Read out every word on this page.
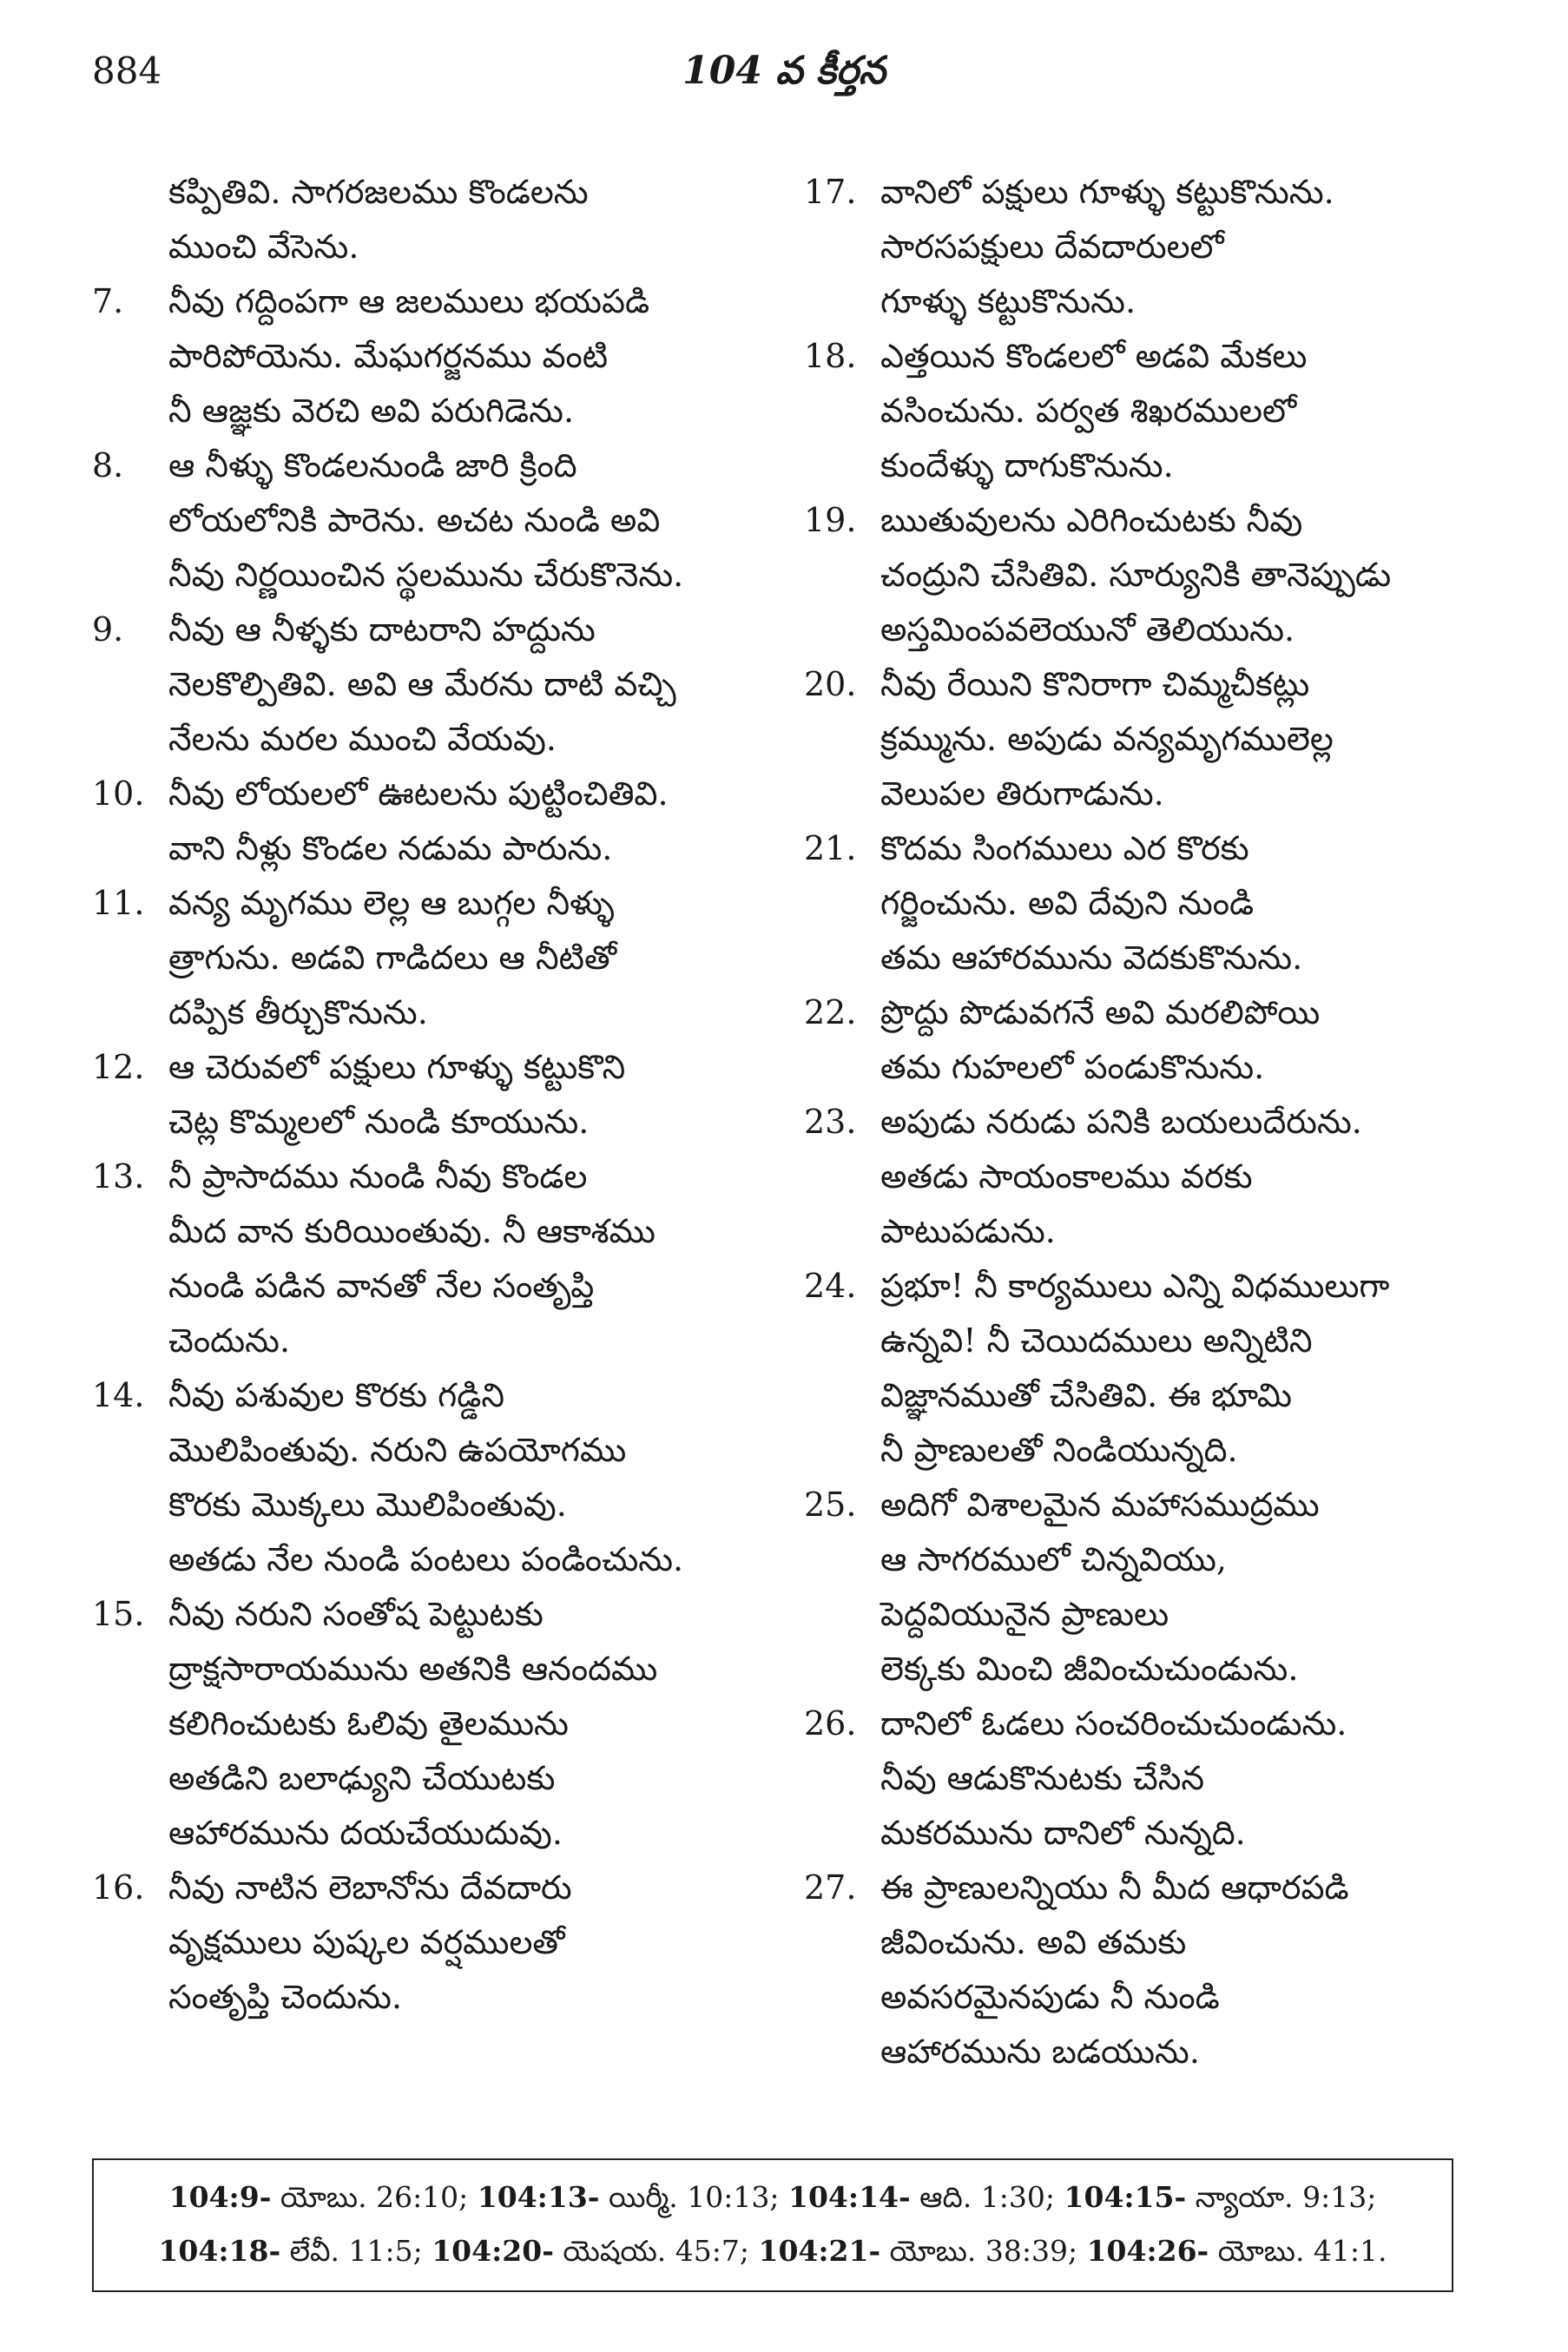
884	104 వ కీర్తన
కప్పితివి. సాగరజలము కొండలను
ముంచి వేసెను.
7.	నీవు గద్దింపగా ఆ జలములు భయపడి
పారిపోయెను. మేఘగర్జనము వంటి
నీ ఆజ్ఞకు వెరచి అవి పరుగిడెను.
8.	ఆ నీళ్ళు కొండలనుండి జారి క్రింది
లోయలోనికి పారెను. అచట నుండి అవి
నీవు నిర్ణయించిన స్థలమును చేరుకొనెను.
9.	నీవు ఆ నీళ్ళకు దాటరాని హద్దును
నెలకొల్పితివి. అవి ఆ మేరను దాటి వచ్చి
నేలను మరల ముంచి వేయవు.
10. నీవు లోయలలో ఊటలను పుట్టించితివి.
వాని నీళ్లు కొండల నడుమ పారును.
11. వన్య మృగము లెల్ల ఆ బుగ్గల నీళ్ళు
త్రాగును. అడవి గాడిదలు ఆ నీటితో
దప్పిక తీర్చుకొనును.
12. ఆ చెరువలో పక్షులు గూళ్ళు కట్టుకొని
చెట్ల కొమ్మలలో నుండి కూయును.
13. నీ ప్రాసాదము నుండి నీవు కొండల
మీద వాన కురియింతువు. నీ ఆకాశము
నుండి పడిన వానతో నేల సంతృప్తి
చెందును.
14. నీవు పశువుల కొరకు గడ్డిని
మొలిపింతువు. నరుని ఉపయోగము
కొరకు మొక్కలు మొలిపింతువు.
అతడు నేల నుండి పంటలు పండించును.
15. నీవు నరుని సంతోష పెట్టుటకు
ద్రాక్షసారాయమును అతనికి ఆనందము
కలిగించుటకు ఓలివు తైలమును
అతడిని బలాఢ్యుని చేయుటకు
ఆహారమును దయచేయుదువు.
16. నీవు నాటిన లెబానోను దేవదారు
వృక్షములు పుష్కల వర్షములతో
సంతృప్తి చెందును.
17. వానిలో పక్షులు గూళ్ళు కట్టుకొనును.
సారసపక్షులు దేవదారులలో
గూళ్ళు కట్టుకొనును.
18. ఎత్తయిన కొండలలో అడవి మేకలు
వసించును. పర్వత శిఖరములలో
కుందేళ్ళు దాగుకొనును.
19. ఋతువులను ఎరిగించుటకు నీవు
చంద్రుని చేసితివి. సూర్యునికి తానెప్పుడు
అస్తమింపవలెయునో తెలియును.
20. నీవు రేయిని కొనిరాగా చిమ్మచీకట్లు
క్రమ్మును. అపుడు వన్యమృగములెల్ల
వెలుపల తిరుగాడును.
21. కొదమ సింగములు ఎర కొరకు
గర్జించును. అవి దేవుని నుండి
తమ ఆహారమును వెదకుకొనును.
22. ప్రొద్దు పొడువగనే అవి మరలిపోయి
తమ గుహలలో పండుకొనును.
23. అపుడు నరుడు పనికి బయలుదేరును.
అతడు సాయంకాలము వరకు
పాటుపడును.
24. ప్రభూ! నీ కార్యములు ఎన్ని విధములుగా
ఉన్నవి! నీ చెయిదములు అన్నిటిని
విజ్ఞానముతో చేసితివి. ఈ భూమి
నీ ప్రాణులతో నిండియున్నది.
25. అదిగో విశాలమైన మహాసముద్రము
ఆ సాగరములో చిన్నవియు,
పెద్దవియునైన ప్రాణులు
లెక్కకు మించి జీవించుచుండును.
26. దానిలో ఓడలు సంచరించుచుండును.
నీవు ఆడుకొనుటకు చేసిన
మకరమును దానిలో నున్నది.
27. ఈ ప్రాణులన్నియు నీ మీద ఆధారపడి
జీవించును. అవి తమకు
అవసరమైనపుడు నీ నుండి
ఆహారమును బడయును.
104:9- యోబు. 26:10; 104:13- యిర్మీ. 10:13; 104:14- ఆది. 1:30; 104:15- న్యాయా. 9:13;
104:18- లేవీ. 11:5; 104:20- యెషయ. 45:7; 104:21- యోబు. 38:39; 104:26- యోబు. 41:1.
